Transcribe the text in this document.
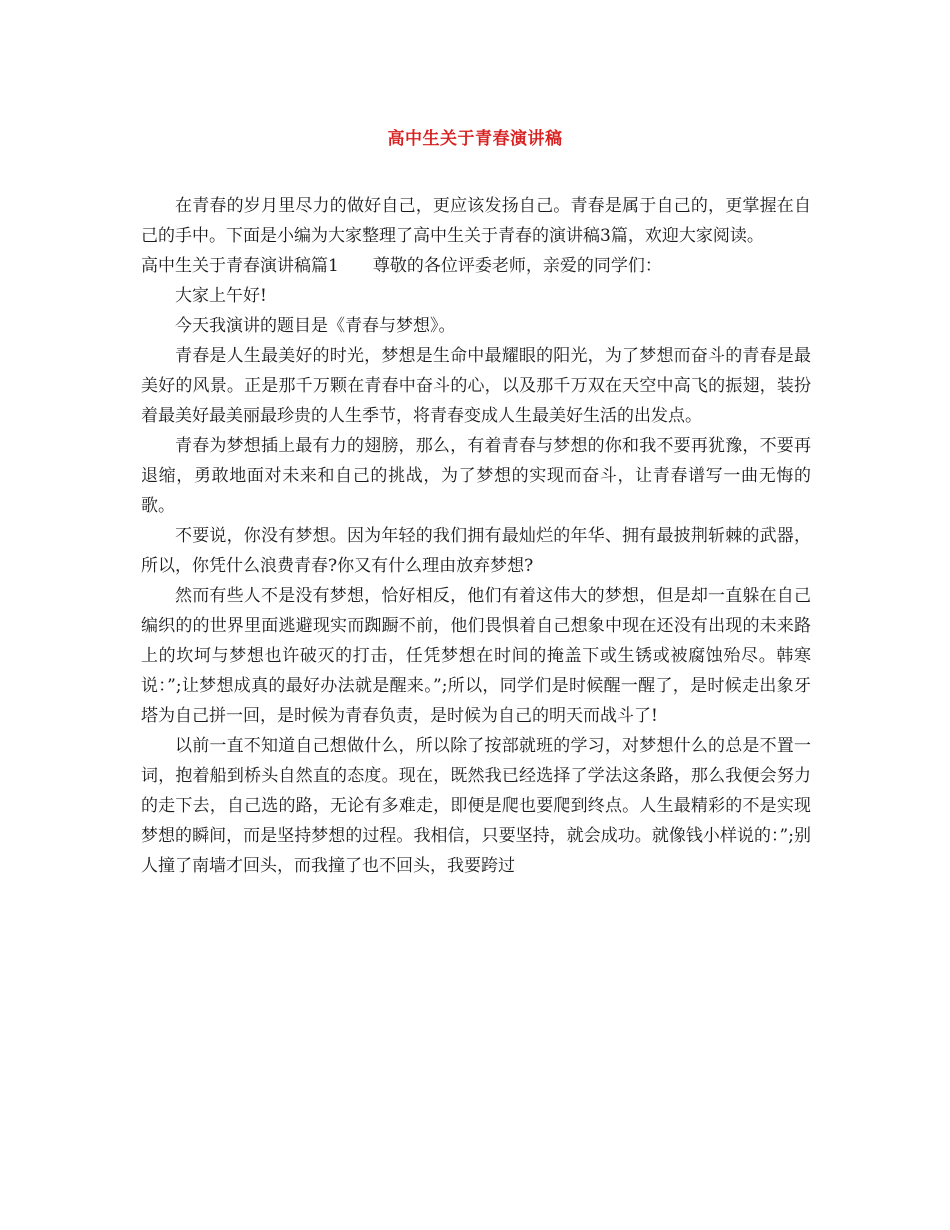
高中生关于青春演讲稿

在青春的岁月里尽力的做好自己，更应该发扬自己。青春是属于自己的，更掌握在自己的手中。下面是小编为大家整理了高中生关于青春的演讲稿3篇，欢迎大家阅读。

高中生关于青春演讲稿篇1　　尊敬的各位评委老师，亲爱的同学们：

大家上午好!

今天我演讲的题目是《青春与梦想》。

青春是人生最美好的时光，梦想是生命中最耀眼的阳光，为了梦想而奋斗的青春是最美好的风景。正是那千万颗在青春中奋斗的心，以及那千万双在天空中高飞的振翅，装扮着最美好最美丽最珍贵的人生季节，将青春变成人生最美好生活的出发点。

青春为梦想插上最有力的翅膀，那么，有着青春与梦想的你和我不要再犹豫，不要再退缩，勇敢地面对未来和自己的挑战，为了梦想的实现而奋斗，让青春谱写一曲无悔的歌。

不要说，你没有梦想。因为年轻的我们拥有最灿烂的年华、拥有最披荆斩棘的武器，所以，你凭什么浪费青春?你又有什么理由放弃梦想?

然而有些人不是没有梦想，恰好相反，他们有着这伟大的梦想，但是却一直躲在自己编织的的世界里面逃避现实而踟蹰不前，他们畏惧着自己想象中现在还没有出现的未来路上的坎坷与梦想也许破灭的打击，任凭梦想在时间的掩盖下或生锈或被腐蚀殆尽。韩寒说：”;让梦想成真的最好办法就是醒来。”;所以，同学们是时候醒一醒了，是时候走出象牙塔为自己拼一回，是时候为青春负责，是时候为自己的明天而战斗了!

以前一直不知道自己想做什么，所以除了按部就班的学习，对梦想什么的总是不置一词，抱着船到桥头自然直的态度。现在，既然我已经选择了学法这条路，那么我便会努力的走下去，自己选的路，无论有多难走，即便是爬也要爬到终点。人生最精彩的不是实现梦想的瞬间，而是坚持梦想的过程。我相信，只要坚持，就会成功。就像钱小样说的：”;别人撞了南墙才回头，而我撞了也不回头，我要跨过
